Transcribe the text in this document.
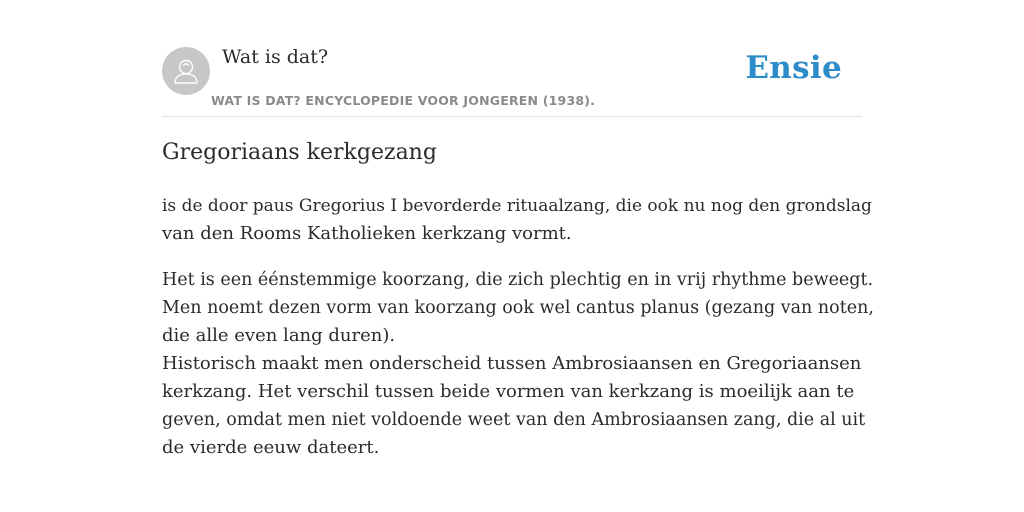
Wat is dat?
WAT IS DAT? ENCYCLOPEDIE VOOR JONGEREN (1938).
Ensie
Gregoriaans kerkgezang

is de door paus Gregorius I bevorderde rituaalzang, die ook nu nog den grondslag
van den Rooms Katholieken kerkzang vormt.

Het is een éénstemmige koorzang, die zich plechtig en in vrij rhythme beweegt.
Men noemt dezen vorm van koorzang ook wel cantus planus (gezang van noten,
die alle even lang duren).
Historisch maakt men onderscheid tussen Ambrosiaansen en Gregoriaansen
kerkzang. Het verschil tussen beide vormen van kerkzang is moeilijk aan te
geven, omdat men niet voldoende weet van den Ambrosiaansen zang, die al uit
de vierde eeuw dateert.
